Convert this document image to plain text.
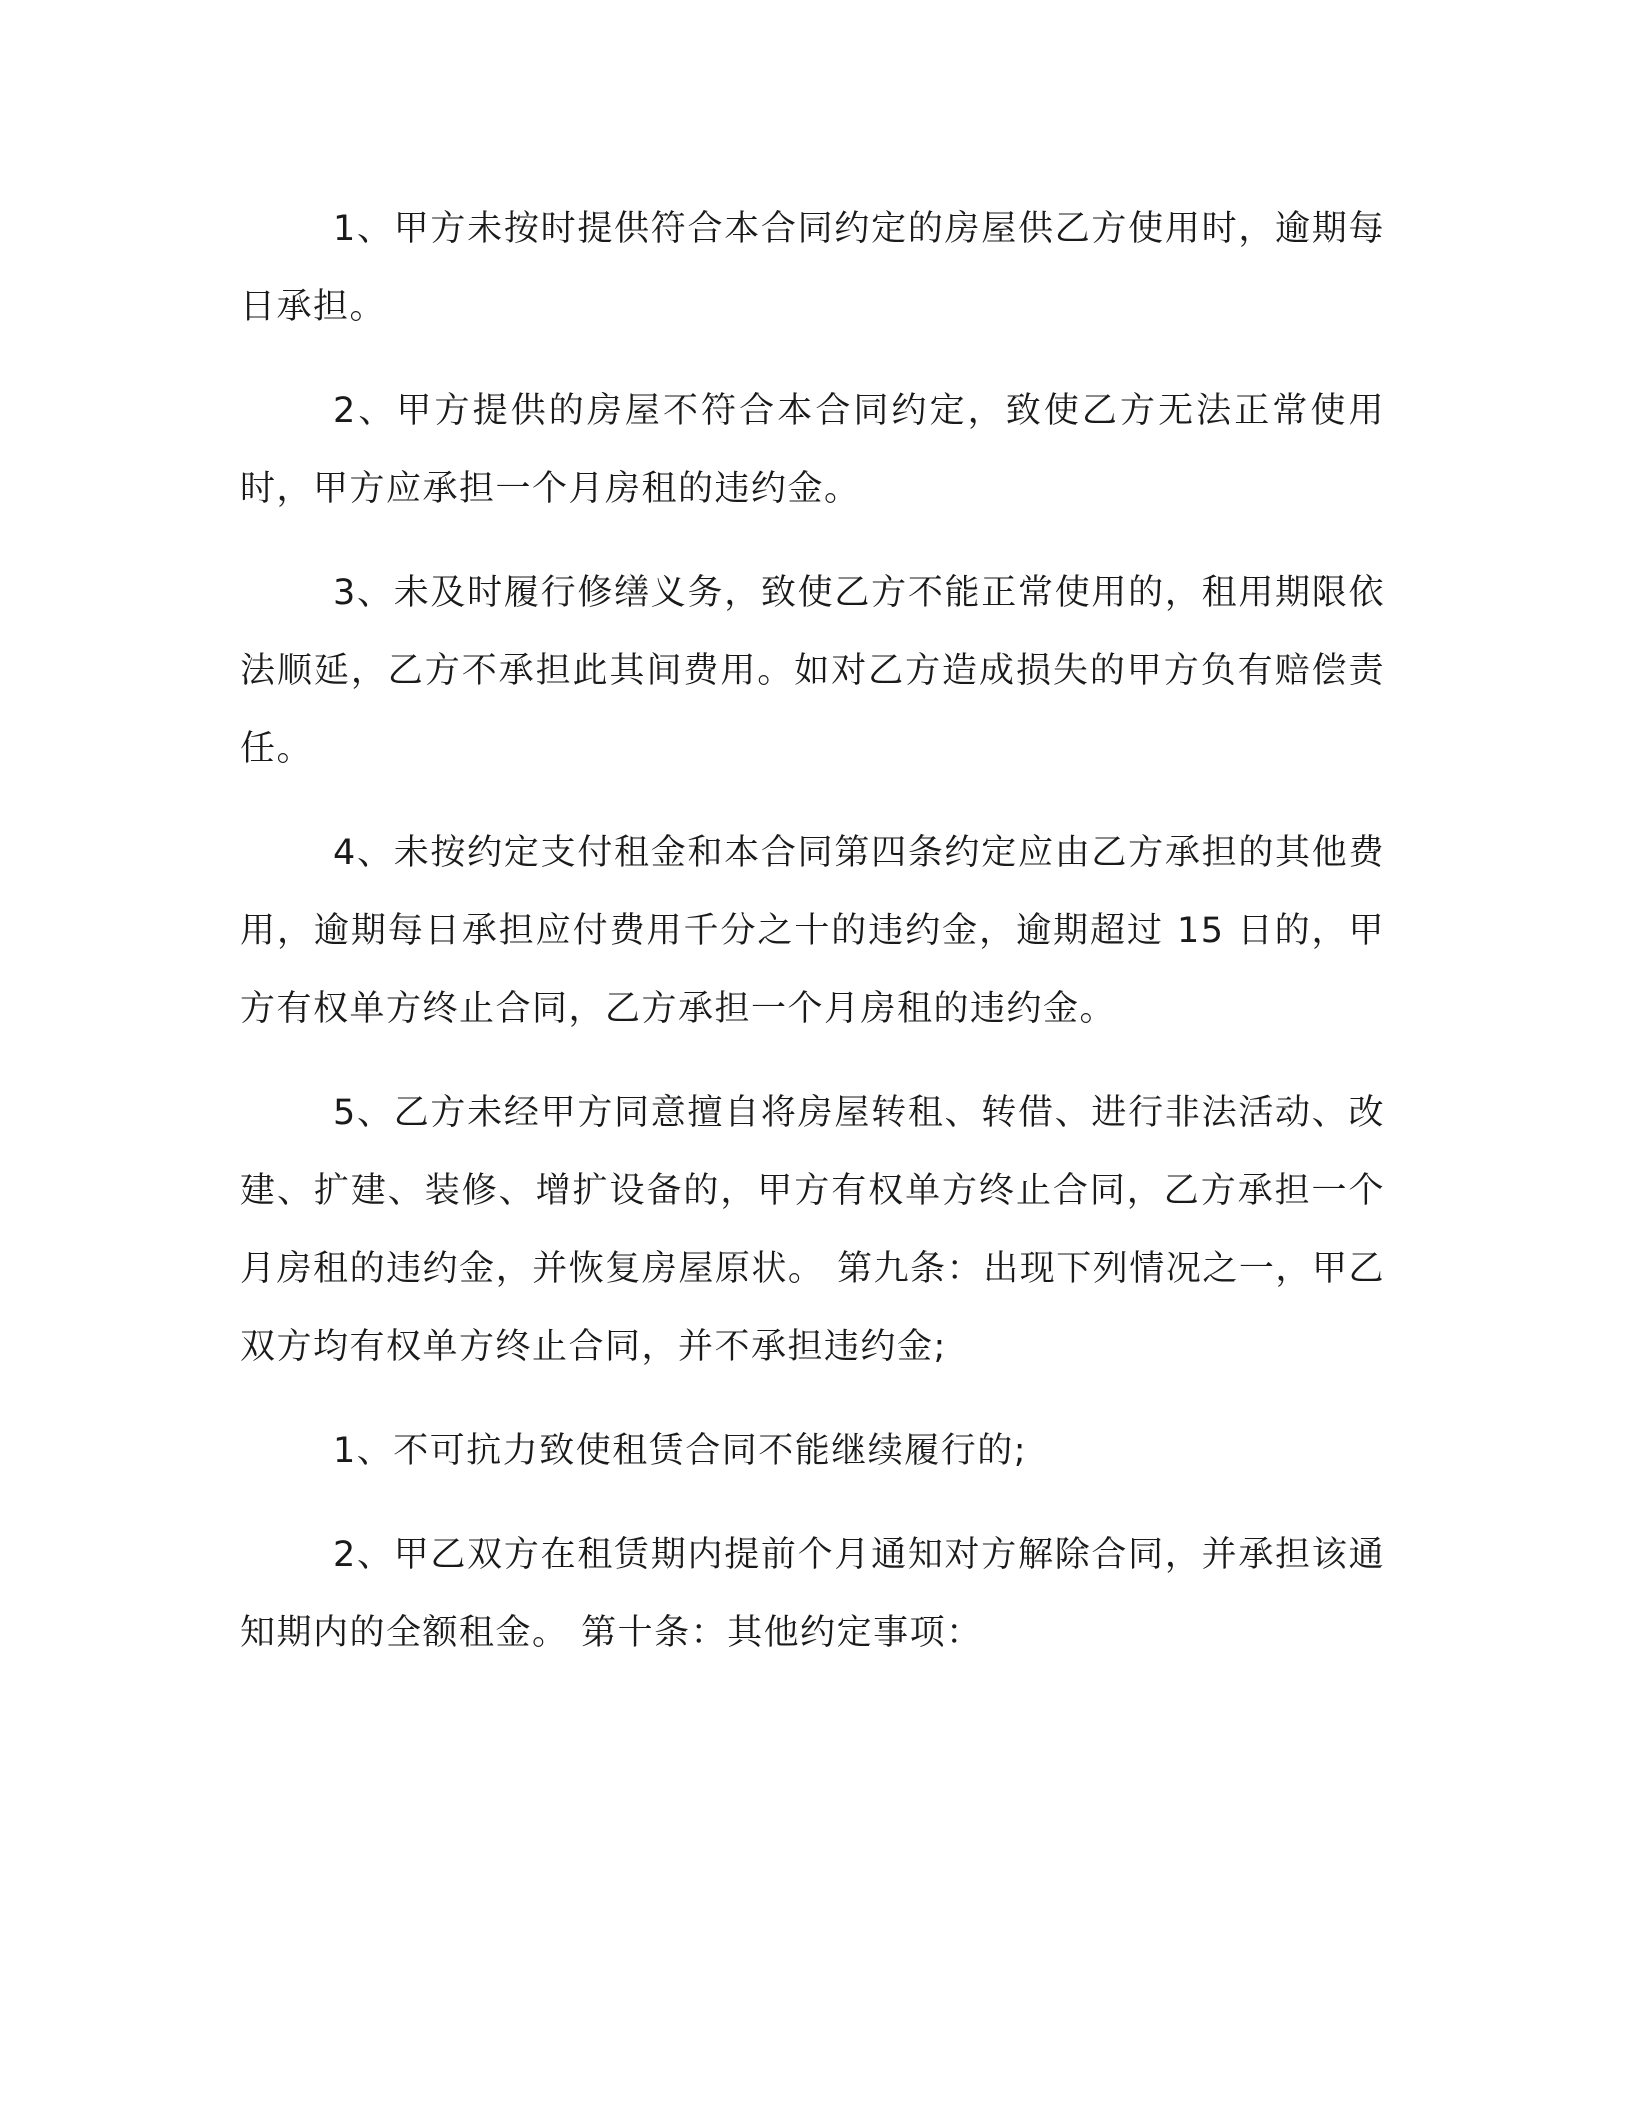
1、甲方未按时提供符合本合同约定的房屋供乙方使用时，逾期每日承担。

2、甲方提供的房屋不符合本合同约定，致使乙方无法正常使用时，甲方应承担一个月房租的违约金。

3、未及时履行修缮义务，致使乙方不能正常使用的，租用期限依法顺延，乙方不承担此其间费用。如对乙方造成损失的甲方负有赔偿责任。

4、未按约定支付租金和本合同第四条约定应由乙方承担的其他费用，逾期每日承担应付费用千分之十的违约金，逾期超过 15 日的，甲方有权单方终止合同，乙方承担一个月房租的违约金。

5、乙方未经甲方同意擅自将房屋转租、转借、进行非法活动、改建、扩建、装修、增扩设备的，甲方有权单方终止合同，乙方承担一个月房租的违约金，并恢复房屋原状。 第九条：出现下列情况之一，甲乙双方均有权单方终止合同，并不承担违约金;

1、不可抗力致使租赁合同不能继续履行的;

2、甲乙双方在租赁期内提前个月通知对方解除合同，并承担该通知期内的全额租金。 第十条：其他约定事项：
